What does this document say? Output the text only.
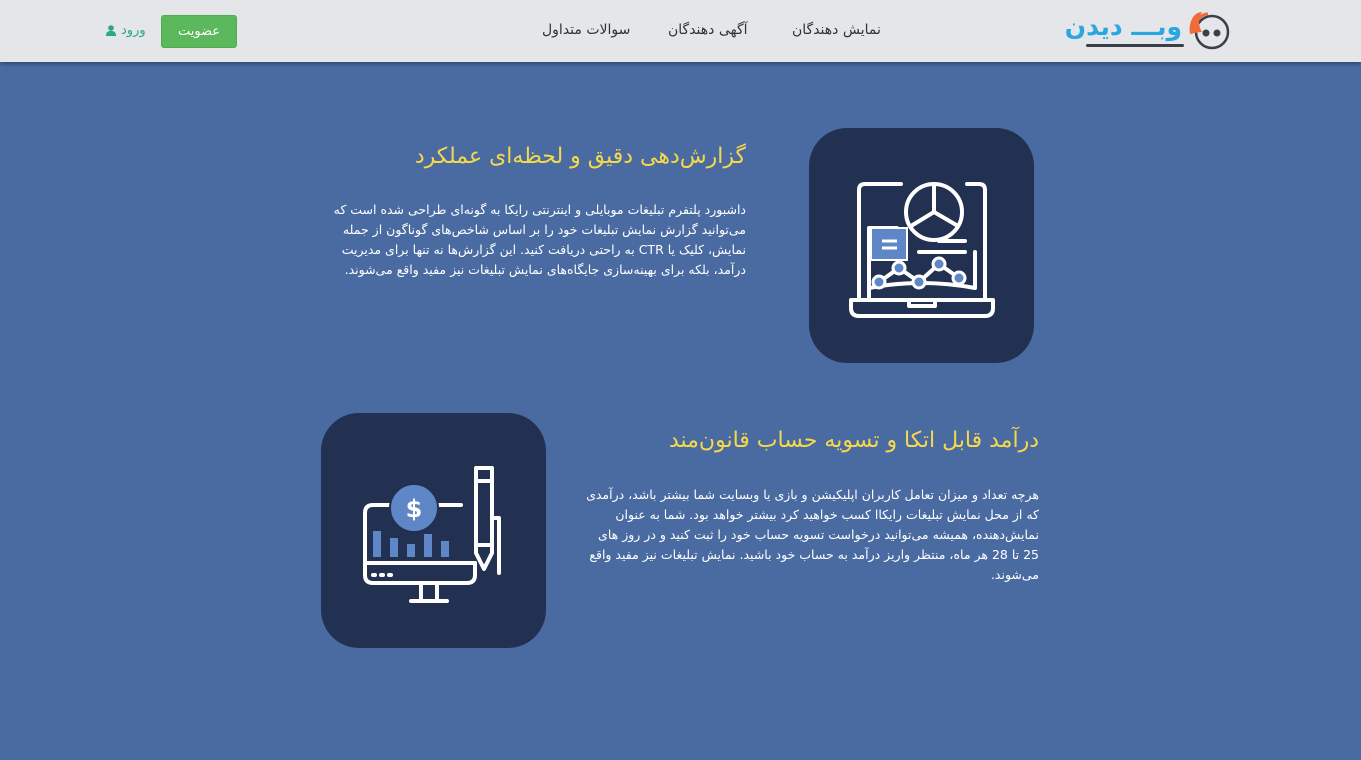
وبـــ دیدن
نمایش دهندگان
آگهی دهندگان
سوالات متداول
عضویت
ورود
گزارش‌دهی دقیق و لحظه‌ای عملکرد
داشبورد پلتفرم تبلیغات موبایلی و اینترنتی رایکا به گونه‌ای طراحی شده است که می‌توانید گزارش نمایش تبلیغات خود را بر اساس شاخص‌های گوناگون از جمله نمایش، کلیک یا CTR به راحتی دریافت کنید. این گزارش‌ها نه تنها برای مدیریت درآمد، بلکه برای بهینه‌سازی جایگاه‌های نمایش تبلیغات نیز مفید واقع می‌شوند.
$
درآمد قابل اتکا و تسویه حساب قانون‌مند
هرچه تعداد و میزان تعامل کاربران اپلیکیشن و بازی یا وبسایت شما بیشتر باشد، درآمدی که از محل نمایش تبلیغات رایکاا کسب خواهید کرد بیشتر خواهد بود. شما به عنوان نمایش‌دهنده، همیشه می‌توانید درخواست تسویه حساب خود را ثبت کنید و در روز های 25 تا 28 هر ماه، منتظر واریز درآمد به حساب خود باشید. نمایش تبلیغات نیز مفید واقع می‌شوند.
